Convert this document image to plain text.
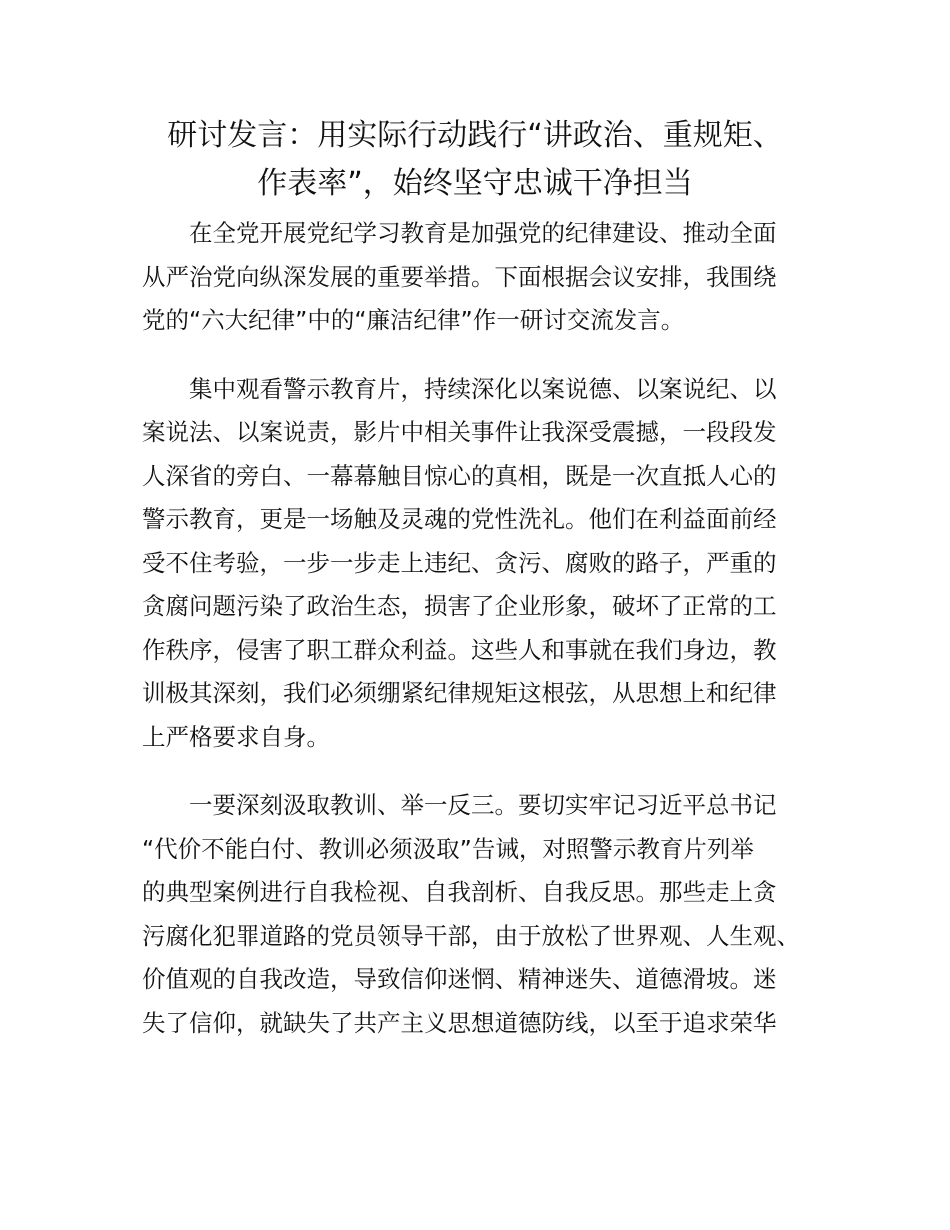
研讨发言：用实际行动践行“讲政治、重规矩、
作表率”，始终坚守忠诚干净担当

在全党开展党纪学习教育是加强党的纪律建设、推动全面
从严治党向纵深发展的重要举措。下面根据会议安排，我围绕
党的“六大纪律”中的“廉洁纪律”作一研讨交流发言。

集中观看警示教育片，持续深化以案说德、以案说纪、以
案说法、以案说责，影片中相关事件让我深受震撼，一段段发
人深省的旁白、一幕幕触目惊心的真相，既是一次直抵人心的
警示教育，更是一场触及灵魂的党性洗礼。他们在利益面前经
受不住考验，一步一步走上违纪、贪污、腐败的路子，严重的
贪腐问题污染了政治生态，损害了企业形象，破坏了正常的工
作秩序，侵害了职工群众利益。这些人和事就在我们身边，教
训极其深刻，我们必须绷紧纪律规矩这根弦，从思想上和纪律
上严格要求自身。

一要深刻汲取教训、举一反三。要切实牢记习近平总书记
“代价不能白付、教训必须汲取”告诫，对照警示教育片列举
的典型案例进行自我检视、自我剖析、自我反思。那些走上贪
污腐化犯罪道路的党员领导干部，由于放松了世界观、人生观、
价值观的自我改造，导致信仰迷惘、精神迷失、道德滑坡。迷
失了信仰，就缺失了共产主义思想道德防线，以至于追求荣华
